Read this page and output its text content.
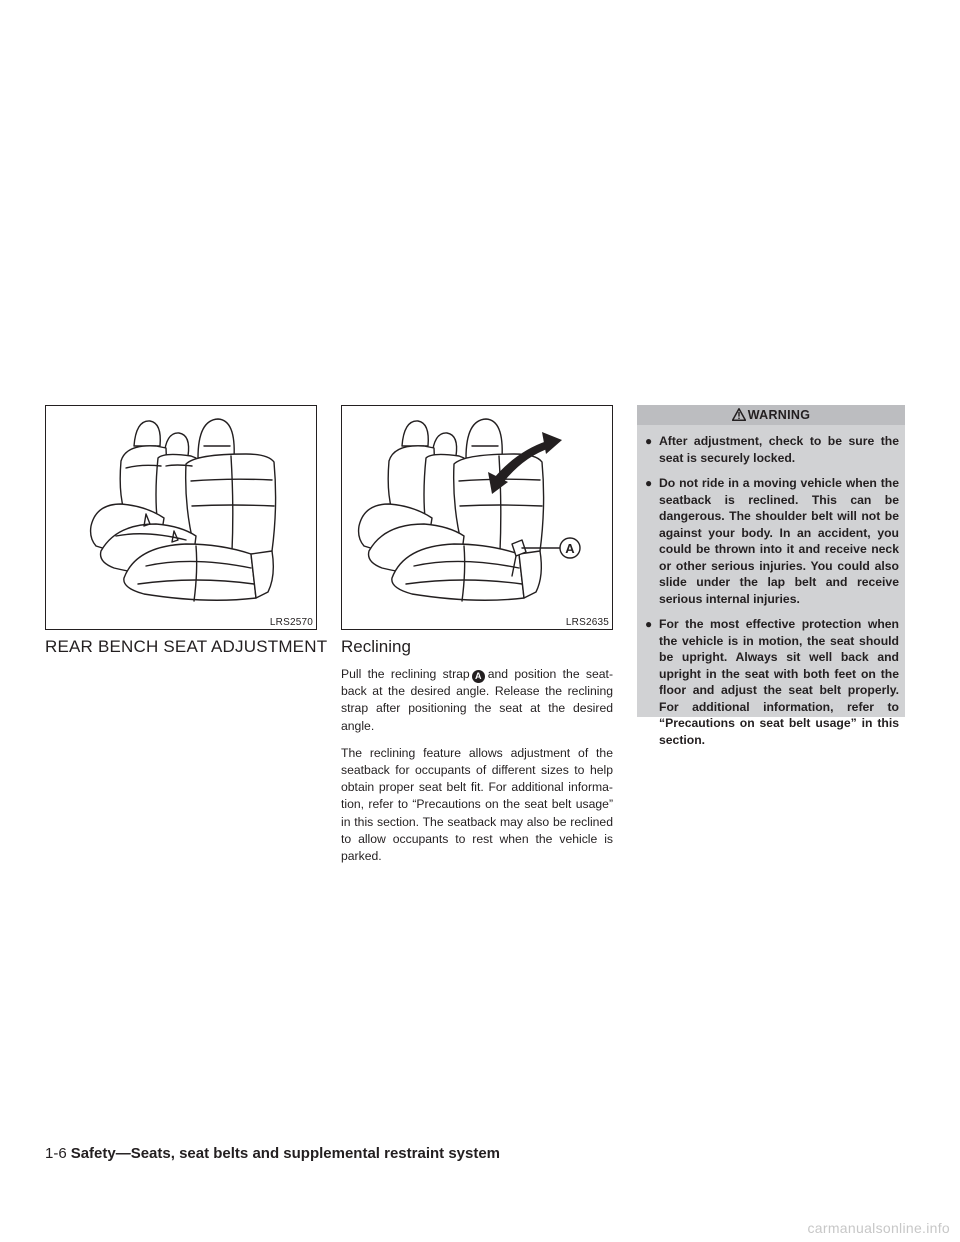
LRS2570
A
LRS2635
REAR BENCH SEAT ADJUSTMENT Reclining

Pull the reclining strap A and position the seat-back at the desired angle. Release the reclining strap after positioning the seat at the desired angle.

The reclining feature allows adjustment of the seatback for occupants of different sizes to help obtain proper seat belt fit. For additional informa-tion, refer to “Precautions on the seat belt usage” in this section. The seatback may also be reclined to allow occupants to rest when the vehicle is parked.

WARNING
● After adjustment, check to be sure the seat is securely locked.
● Do not ride in a moving vehicle when the seatback is reclined. This can be dangerous. The shoulder belt will not be against your body. In an accident, you could be thrown into it and receive neck or other serious injuries. You could also slide under the lap belt and receive serious internal injuries.
● For the most effective protection when the vehicle is in motion, the seat should be upright. Always sit well back and upright in the seat with both feet on the floor and adjust the seat belt properly. For additional information, refer to “Precautions on seat belt usage” in this section.
1-6 Safety—Seats, seat belts and supplemental restraint system
carmanualsonline.info
